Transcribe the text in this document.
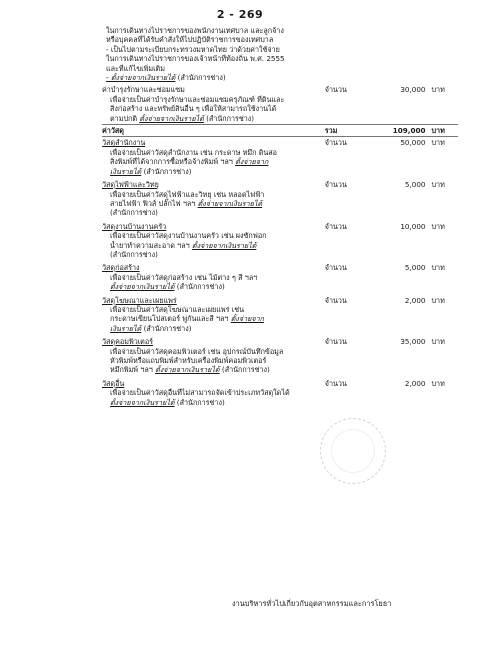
2 - 269
ในการเดินทางไปราชการของพนักงานเทศบาล และลูกจ้าง
หรือบุคคลที่ได้รับคำสั่งให้ไปปฏิบัติราชการของเทศบาล
- เป็นไปตามระเบียบกระทรวงมหาดไทย ว่าด้วยค่าใช้จ่าย
ในการเดินทางไปราชการของเจ้าหน้าที่ท้องถิ่น พ.ศ. 2555
และที่แก้ไขเพิ่มเติม
- ตั้งจ่ายจากเงินรายได้ (สำนักการช่าง)
ค่าบำรุงรักษาและซ่อมแซม	จำนวน	30,000 บาท
เพื่อจ่ายเป็นค่าบำรุงรักษาและซ่อมแซมครุภัณฑ์ ที่ดินและ
สิ่งก่อสร้าง และทรัพย์สินอื่น ๆ เพื่อให้สามารถใช้งานได้
ตามปกติ ตั้งจ่ายจากเงินรายได้ (สำนักการช่าง)
ค่าวัสดุ	รวม	109,000 บาท
วัสดุสำนักงาน	จำนวน	50,000 บาท
เพื่อจ่ายเป็นค่าวัสดุสำนักงาน เช่น กระดาษ หมึก ดินสอ
สิ่งพิมพ์ที่ได้จากการซื้อหรือจ้างพิมพ์ ฯลฯ ตั้งจ่ายจาก
เงินรายได้ (สำนักการช่าง)
วัสดุไฟฟ้าและวิทยุ	จำนวน	5,000 บาท
เพื่อจ่ายเป็นค่าวัสดุไฟฟ้าและวิทยุ เช่น หลอดไฟฟ้า
สายไฟฟ้า ฟิวส์ ปลั๊กไฟ ฯลฯ ตั้งจ่ายจากเงินรายได้
(สำนักการช่าง)
วัสดุงานบ้านงานครัว	จำนวน	10,000 บาท
เพื่อจ่ายเป็นค่าวัสดุงานบ้านงานครัว เช่น ผงซักฟอก
น้ำยาทำความสะอาด ฯลฯ ตั้งจ่ายจากเงินรายได้
(สำนักการช่าง)
วัสดุก่อสร้าง	จำนวน	5,000 บาท
เพื่อจ่ายเป็นค่าวัสดุก่อสร้าง เช่น ไม้ต่าง ๆ สี ฯลฯ
ตั้งจ่ายจากเงินรายได้ (สำนักการช่าง)
วัสดุโฆษณาและเผยแพร่	จำนวน	2,000 บาท
เพื่อจ่ายเป็นค่าวัสดุโฆษณาและเผยแพร่ เช่น
กระดาษเขียนโปสเตอร์ พู่กันและสี ฯลฯ ตั้งจ่ายจาก
เงินรายได้ (สำนักการช่าง)
วัสดุคอมพิวเตอร์	จำนวน	35,000 บาท
เพื่อจ่ายเป็นค่าวัสดุคอมพิวเตอร์ เช่น อุปกรณ์บันทึกข้อมูล
หัวพิมพ์หรือแถบพิมพ์สำหรับเครื่องพิมพ์คอมพิวเตอร์
หมึกพิมพ์ ฯลฯ ตั้งจ่ายจากเงินรายได้ (สำนักการช่าง)
วัสดุอื่น	จำนวน	2,000 บาท
เพื่อจ่ายเป็นค่าวัสดุอื่นที่ไม่สามารถจัดเข้าประเภทวัสดุใดได้
ตั้งจ่ายจากเงินรายได้ (สำนักการช่าง)
งานบริหารทั่วไปเกี่ยวกับอุตสาหกรรมและการโยธา
